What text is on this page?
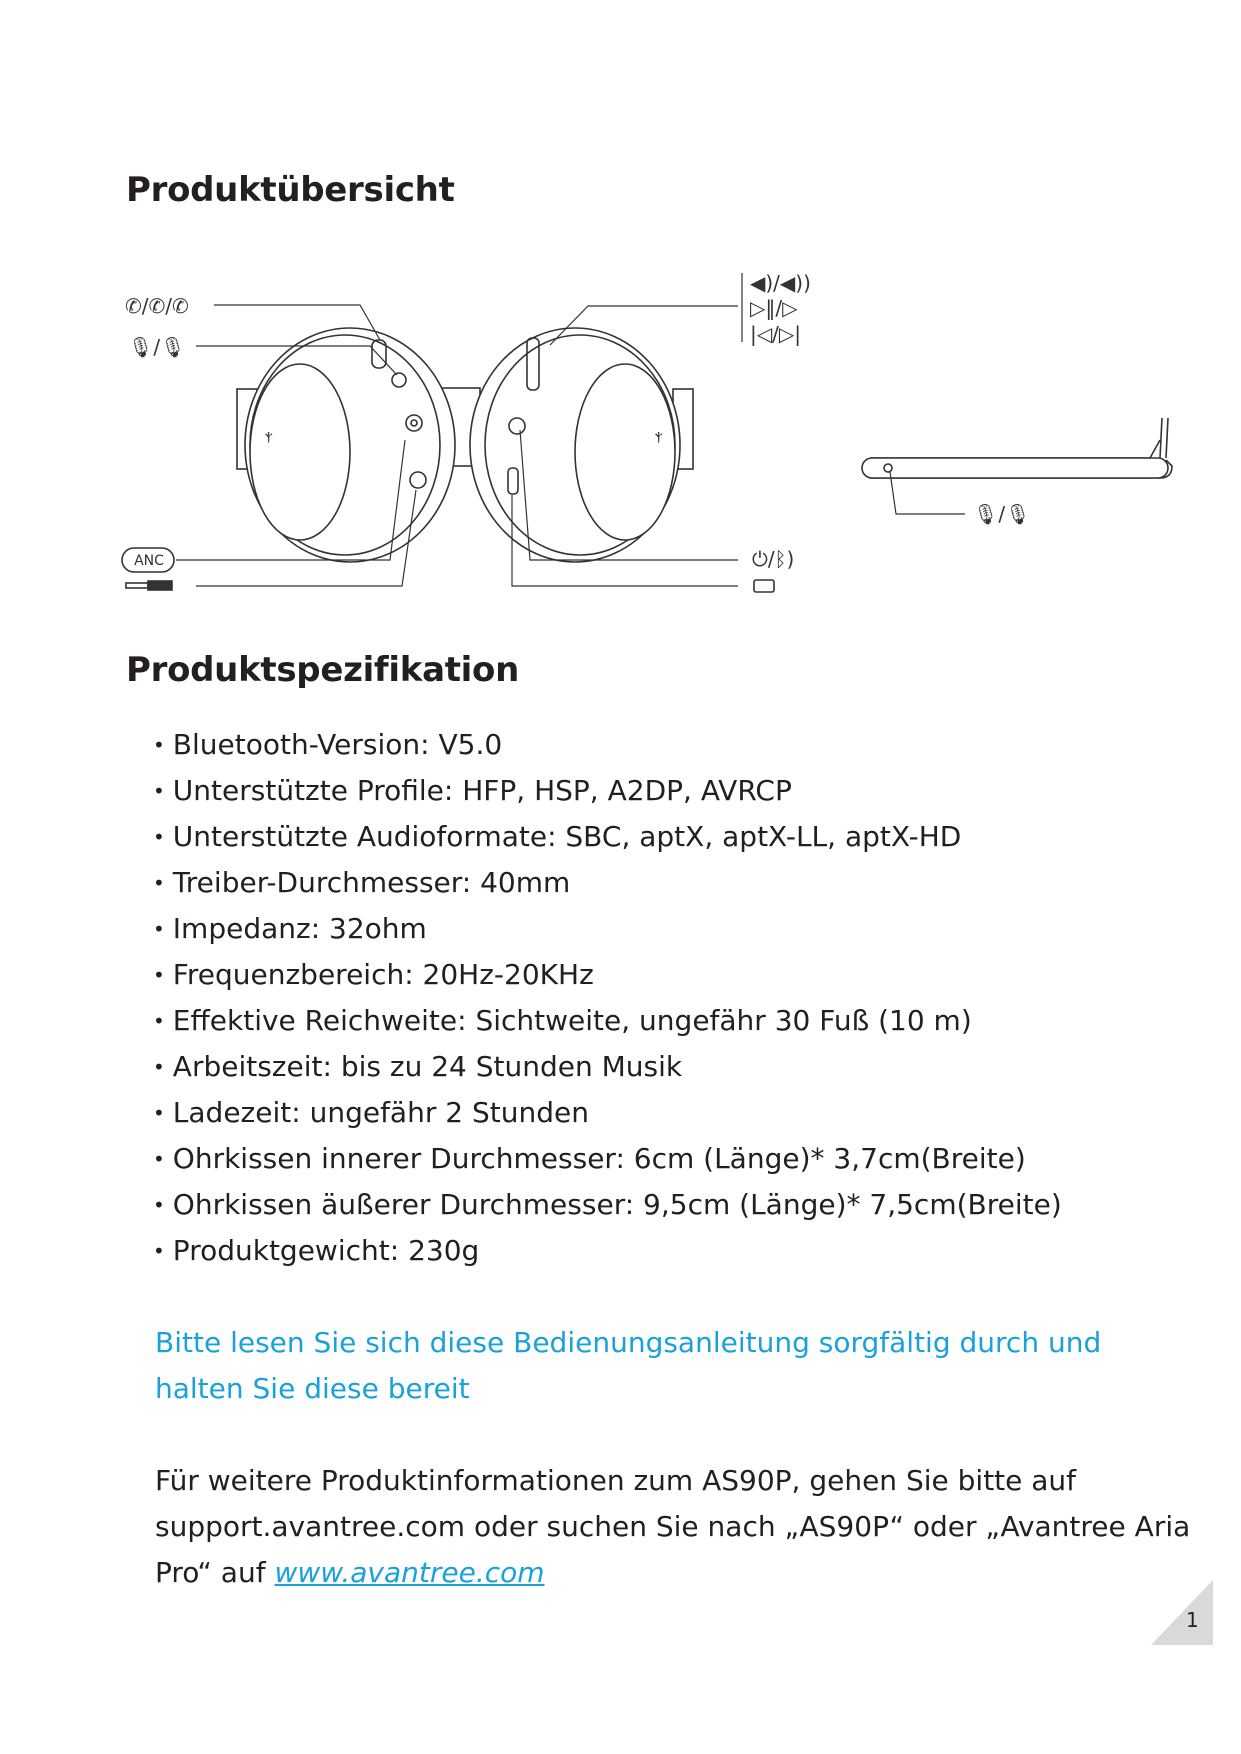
Produktübersicht
ⲯ	ⲯ
✆/✆/✆
🎙/🎙
◀)/◀))
▷‖/▷
|◁/▷|
⏻/ᛒ)
🎙/🎙
ANC
Produktspezifikation
• Bluetooth-Version: V5.0
• Unterstützte Profile: HFP, HSP, A2DP, AVRCP
• Unterstützte Audioformate: SBC, aptX, aptX-LL, aptX-HD
• Treiber-Durchmesser: 40mm
• Impedanz: 32ohm
• Frequenzbereich: 20Hz-20KHz
• Effektive Reichweite: Sichtweite, ungefähr 30 Fuß (10 m)
• Arbeitszeit: bis zu 24 Stunden Musik
• Ladezeit: ungefähr 2 Stunden
• Ohrkissen innerer Durchmesser: 6cm (Länge)* 3,7cm(Breite)
• Ohrkissen äußerer Durchmesser: 9,5cm (Länge)* 7,5cm(Breite)
• Produktgewicht: 230g
Bitte lesen Sie sich diese Bedienungsanleitung sorgfältig durch und halten Sie diese bereit
Für weitere Produktinformationen zum AS90P, gehen Sie bitte auf support.avantree.com oder suchen Sie nach „AS90P“ oder „Avantree Aria Pro“ auf www.avantree.com
1
